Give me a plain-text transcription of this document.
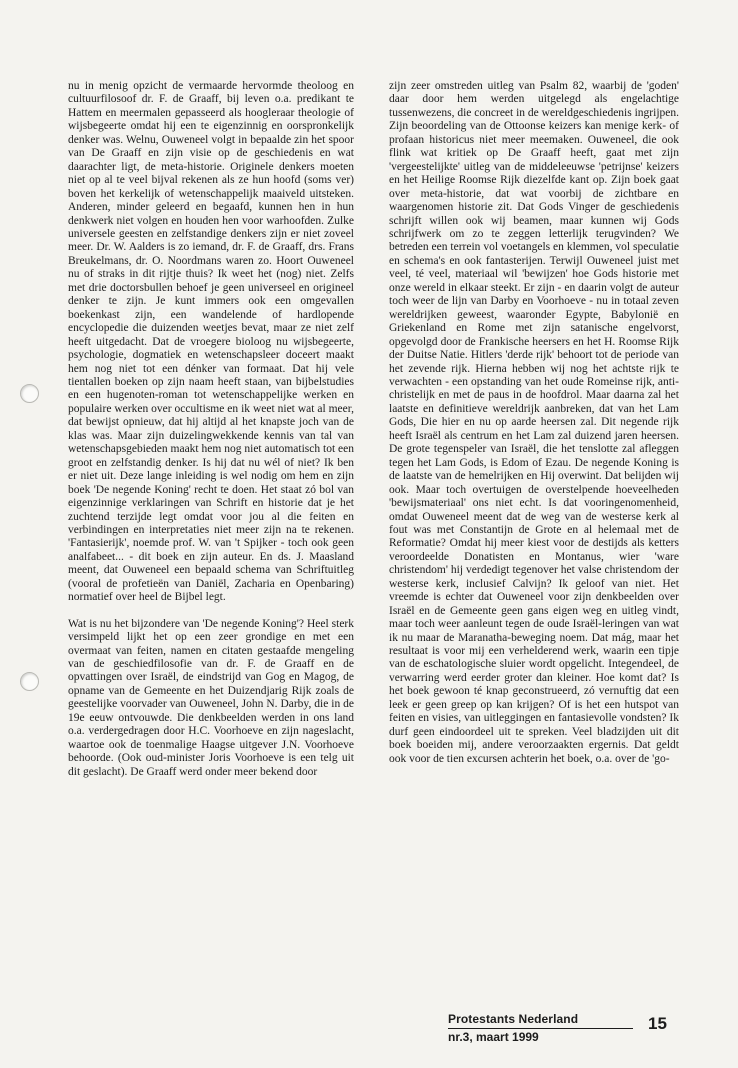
nu in menig opzicht de vermaarde hervormde theoloog en cultuurfilosoof dr. F. de Graaff, bij leven o.a. predikant te Hattem en meermalen gepasseerd als hoogleraar theologie of wijsbegeerte omdat hij een te eigenzinnig en oorspronkelijk denker was. Welnu, Ouweneel volgt in bepaalde zin het spoor van De Graaff en zijn visie op de geschiedenis en wat daarachter ligt, de meta-historie. Originele denkers moeten niet op al te veel bijval rekenen als ze hun hoofd (soms ver) boven het kerkelijk of wetenschappelijk maaiveld uitsteken. Anderen, minder geleerd en begaafd, kunnen hen in hun denkwerk niet volgen en houden hen voor warhoofden. Zulke universele geesten en zelfstandige denkers zijn er niet zoveel meer. Dr. W. Aalders is zo iemand, dr. F. de Graaff, drs. Frans Breukelmans, dr. O. Noordmans waren zo. Hoort Ouweneel nu of straks in dit rijtje thuis? Ik weet het (nog) niet. Zelfs met drie doctorsbullen behoef je geen universeel en origineel denker te zijn. Je kunt immers ook een omgevallen boekenkast zijn, een wandelende of hardlopende encyclopedie die duizenden weetjes bevat, maar ze niet zelf heeft uitgedacht. Dat de vroegere bioloog nu wijsbegeerte, psychologie, dogmatiek en wetenschapsleer doceert maakt hem nog niet tot een dénker van formaat. Dat hij vele tientallen boeken op zijn naam heeft staan, van bijbelstudies en een hugenoten-roman tot wetenschappelijke werken en populaire werken over occultisme en ik weet niet wat al meer, dat bewijst opnieuw, dat hij altijd al het knapste joch van de klas was. Maar zijn duizelingwekkende kennis van tal van wetenschapsgebieden maakt hem nog niet automatisch tot een groot en zelfstandig denker. Is hij dat nu wél of niet? Ik ben er niet uit. Deze lange inleiding is wel nodig om hem en zijn boek 'De negende Koning' recht te doen. Het staat zó bol van eigenzinnige verklaringen van Schrift en historie dat je het zuchtend terzijde legt omdat voor jou al die feiten en verbindingen en interpretaties niet meer zijn na te rekenen. 'Fantasierijk', noemde prof. W. van 't Spijker - toch ook geen analfabeet... - dit boek en zijn auteur. En ds. J. Maasland meent, dat Ouweneel een bepaald schema van Schriftuitleg (vooral de profetieën van Daniël, Zacharia en Openbaring) normatief over heel de Bijbel legt.

Wat is nu het bijzondere van 'De negende Koning'? Heel sterk versimpeld lijkt het op een zeer grondige en met een overmaat van feiten, namen en citaten gestaafde mengeling van de geschiedfilosofie van dr. F. de Graaff en de opvattingen over Israël, de eindstrijd van Gog en Magog, de opname van de Gemeente en het Duizendjarig Rijk zoals de geestelijke voorvader van Ouweneel, John N. Darby, die in de 19e eeuw ontvouwde. Die denkbeelden werden in ons land o.a. verdergedragen door H.C. Voorhoeve en zijn nageslacht, waartoe ook de toenmalige Haagse uitgever J.N. Voorhoeve behoorde. (Ook oud-minister Joris Voorhoeve is een telg uit dit geslacht). De Graaff werd onder meer bekend door

zijn zeer omstreden uitleg van Psalm 82, waarbij de 'goden' daar door hem werden uitgelegd als engelachtige tussenwezens, die concreet in de wereldgeschiedenis ingrijpen. Zijn beoordeling van de Ottoonse keizers kan menige kerk- of profaan historicus niet meer meemaken. Ouweneel, die ook flink wat kritiek op De Graaff heeft, gaat met zijn 'vergeestelijkte' uitleg van de middeleeuwse 'petrijnse' keizers en het Heilige Roomse Rijk diezelfde kant op. Zijn boek gaat over meta-historie, dat wat voorbij de zichtbare en waargenomen historie zit. Dat Gods Vinger de geschiedenis schrijft willen ook wij beamen, maar kunnen wij Gods schrijfwerk om zo te zeggen letterlijk terugvinden? We betreden een terrein vol voetangels en klemmen, vol speculatie en schema's en ook fantasterijen. Terwijl Ouweneel juist met veel, té veel, materiaal wil 'bewijzen' hoe Gods historie met onze wereld in elkaar steekt. Er zijn - en daarin volgt de auteur toch weer de lijn van Darby en Voorhoeve - nu in totaal zeven wereldrijken geweest, waaronder Egypte, Babylonië en Griekenland en Rome met zijn satanische engelvorst, opgevolgd door de Frankische heersers en het H. Roomse Rijk der Duitse Natie. Hitlers 'derde rijk' behoort tot de periode van het zevende rijk. Hierna hebben wij nog het achtste rijk te verwachten - een opstanding van het oude Romeinse rijk, anti-christelijk en met de paus in de hoofdrol. Maar daarna zal het laatste en definitieve wereldrijk aanbreken, dat van het Lam Gods, Die hier en nu op aarde heersen zal. Dit negende rijk heeft Israël als centrum en het Lam zal duizend jaren heersen. De grote tegenspeler van Israël, die het tenslotte zal afleggen tegen het Lam Gods, is Edom of Ezau. De negende Koning is de laatste van de hemelrijken en Hij overwint. Dat belijden wij ook. Maar toch overtuigen de overstelpende hoeveelheden 'bewijsmateriaal' ons niet echt. Is dat vooringenomenheid, omdat Ouweneel meent dat de weg van de westerse kerk al fout was met Constantijn de Grote en al helemaal met de Reformatie? Omdat hij meer kiest voor de destijds als ketters veroordeelde Donatisten en Montanus, wier 'ware christendom' hij verdedigt tegenover het valse christendom der westerse kerk, inclusief Calvijn? Ik geloof van niet. Het vreemde is echter dat Ouweneel voor zijn denkbeelden over Israël en de Gemeente geen gans eigen weg en uitleg vindt, maar toch weer aanleunt tegen de oude Israël-leringen van wat ik nu maar de Maranatha-beweging noem. Dat mág, maar het resultaat is voor mij een verhelderend werk, waarin een tipje van de eschatologische sluier wordt opgelicht. Integendeel, de verwarring werd eerder groter dan kleiner. Hoe komt dat? Is het boek gewoon té knap geconstrueerd, zó vernuftig dat een leek er geen greep op kan krijgen? Of is het een hutspot van feiten en visies, van uitleggingen en fantasievolle vondsten? Ik durf geen eindoordeel uit te spreken. Veel bladzijden uit dit boek boeiden mij, andere veroorzaakten ergernis. Dat geldt ook voor de tien excursen achterin het boek, o.a. over de 'go-

Protestants Nederland
nr.3, maart 1999
15
